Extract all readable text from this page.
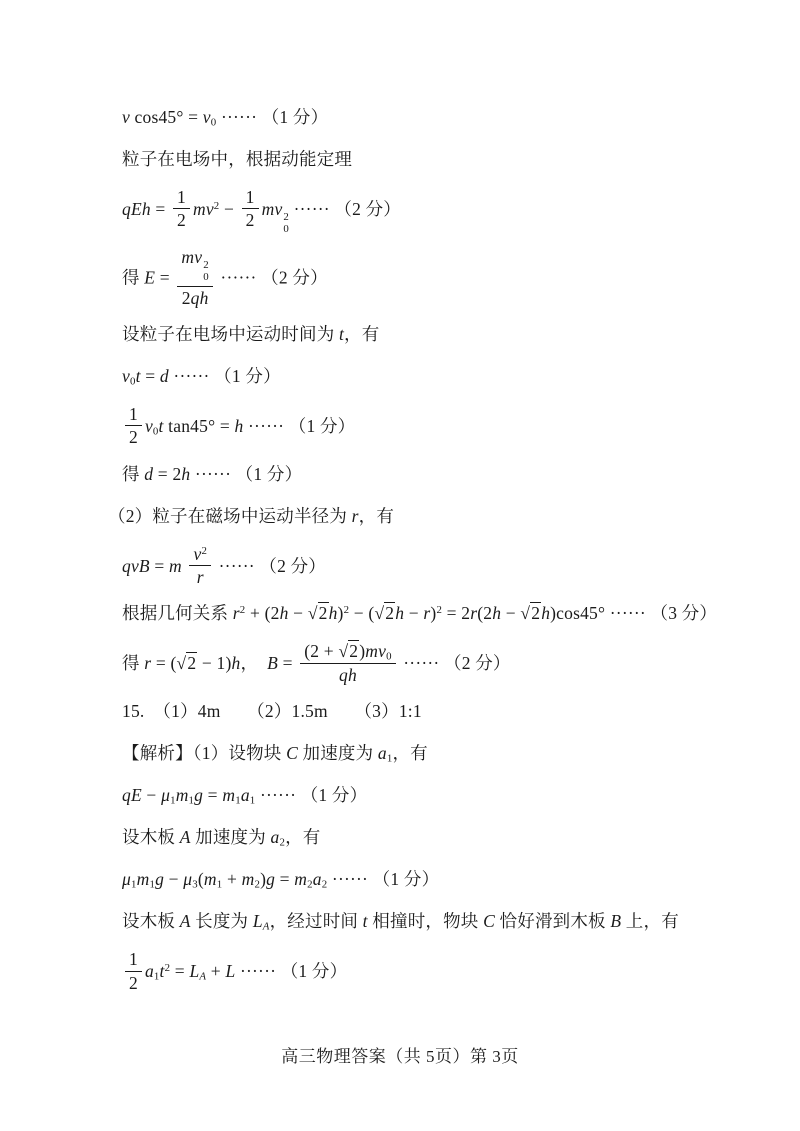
v $\cos 45^\circ = v_0$ ······ （1 分）

粒子在电场中，根据动能定理

qEh = $\frac{1}{2} mv^2 - \frac{1}{2}$ mv 2
0
······ （2 分）

得 E = mv 2
0
2qh ······ （2 分）

设粒子在电场中运动时间为 t，有

$v_0t = d$ ······ （1 分）

$\frac{1}{2} v_0t$ tan45° = h ······ （1 分）

得 d = 2h ······ （1 分）

（2）粒子在磁场中运动半径为 r，有

qvB = m $\frac{v^2}{r}$ ······ （2 分）

根据几何关系 $r^2 + (2h - √2h)^2 - (√2h - r)^2 = 2r(2h - √2h)\cos 45^\circ$ ······ （3 分）

得 r = (√2 − 1)h，　$B = \frac{(2 + √2)mv_0}{qh}$ ······ （2 分）

15.　（1）4m　　（2）1.5m　　（3）1:1

【解析】（1）设物块 C 加速度为 $a_1$，有

qE − $\mu_1m_1g = m_1a_1$ ······ （1 分）

设木板 A 加速度为 $a_2$，有

$\mu_1m_1g - \mu_3(m_1 + m_2)g = m_2a_2$ ······ （1 分）

设木板 A 长度为 $L_A$，经过时间 t 相撞时，物块 C 恰好滑到木板 B 上，有

$\frac{1}{2} a_1t^2 = L_A + L$ ······ （1 分）

高三物理答案（共 5页）第 3页
